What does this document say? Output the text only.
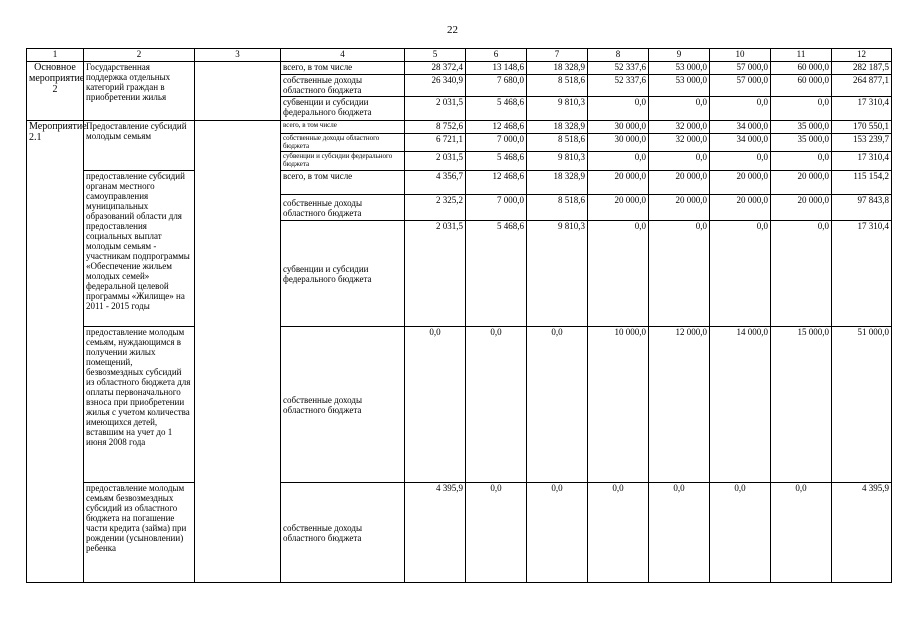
22
1	2	3	4	5	6	7	8	9	10	11	12
Основное мероприятие 2	Государственная поддержка отдельных категорий граждан в приобретении жилья		всего, в том числе	28 372,4	13 148,6	18 328,9	52 337,6	53 000,0	57 000,0	60 000,0	282 187,5
			собственные доходы областного бюджета	26 340,9	7 680,0	8 518,6	52 337,6	53 000,0	57 000,0	60 000,0	264 877,1
			субвенции и субсидии федерального бюджета	2 031,5	5 468,6	9 810,3	0,0	0,0	0,0	0,0	17 310,4
Мероприятие 2.1	Предоставление субсидий молодым семьям		всего, в том числе	8 752,6	12 468,6	18 328,9	30 000,0	32 000,0	34 000,0	35 000,0	170 550,1
			собственные доходы областного бюджета	6 721,1	7 000,0	8 518,6	30 000,0	32 000,0	34 000,0	35 000,0	153 239,7
			субвенции и субсидии федерального бюджета	2 031,5	5 468,6	9 810,3	0,0	0,0	0,0	0,0	17 310,4
	предоставление субсидий органам местного самоуправления муниципальных образований области для предоставления социальных выплат молодым семьям - участникам подпрограммы «Обеспечение жильем молодых семей» федеральной целевой программы «Жилище» на 2011 - 2015 годы		всего, в том числе	4 356,7	12 468,6	18 328,9	20 000,0	20 000,0	20 000,0	20 000,0	115 154,2
			собственные доходы областного бюджета	2 325,2	7 000,0	8 518,6	20 000,0	20 000,0	20 000,0	20 000,0	97 843,8
			субвенции и субсидии федерального бюджета	2 031,5	5 468,6	9 810,3	0,0	0,0	0,0	0,0	17 310,4
	предоставление молодым семьям, нуждающимся в получении жилых помещений, безвозмездных субсидий из областного бюджета для оплаты первоначального взноса при приобретении жилья с учетом количества имеющихся детей, вставшим на учет до 1 июня 2008 года		собственные доходы областного бюджета	0,0	0,0	0,0	10 000,0	12 000,0	14 000,0	15 000,0	51 000,0
	предоставление молодым семьям безвозмездных субсидий из областного бюджета на погашение части кредита (займа) при рождении (усыновлении) ребенка		собственные доходы областного бюджета	4 395,9	0,0	0,0	0,0	0,0	0,0	0,0	4 395,9
